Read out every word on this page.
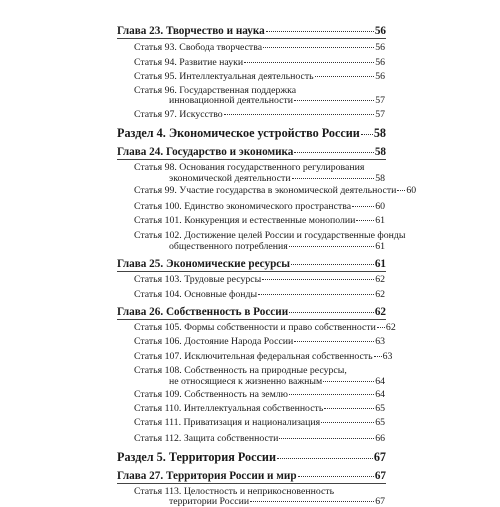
Глава 23. Творчество и наука	56
Статья 93. Свобода творчества	56
Статья 94. Развитие науки	56
Статья 95. Интеллектуальная деятельность	56
Статья 96. Государственная поддержка
инновационной деятельности	57
Статья 97. Искусство	57
Раздел 4. Экономическое устройство России 58
Глава 24. Государство и экономика	58
Статья 98. Основания государственного регулирования
экономической деятельности	58
Статья 99. Участие государства в экономической деятельности 60
Статья 100. Единство экономического пространства 60
Статья 101. Конкуренция и естественные монополии 61
Статья 102. Достижение целей России и государственные фонды
общественного потребления	61
Глава 25. Экономические ресурсы	61
Статья 103. Трудовые ресурсы	62
Статья 104. Основные фонды	62
Глава 26. Собственность в России	62
Статья 105. Формы собственности и право собственности 62
Статья 106. Достояние Народа России	63
Статья 107. Исключительная федеральная собственность 63
Статья 108. Собственность на природные ресурсы,
не относящиеся к жизненно важным	64
Статья 109. Собственность на землю	64
Статья 110. Интеллектуальная собственность	65
Статья 111. Приватизация и национализация	65
Статья 112. Защита собственности	66
Раздел 5. Территория России	67
Глава 27. Территория России и мир	67
Статья 113. Целостность и неприкосновенность
территории России	67
